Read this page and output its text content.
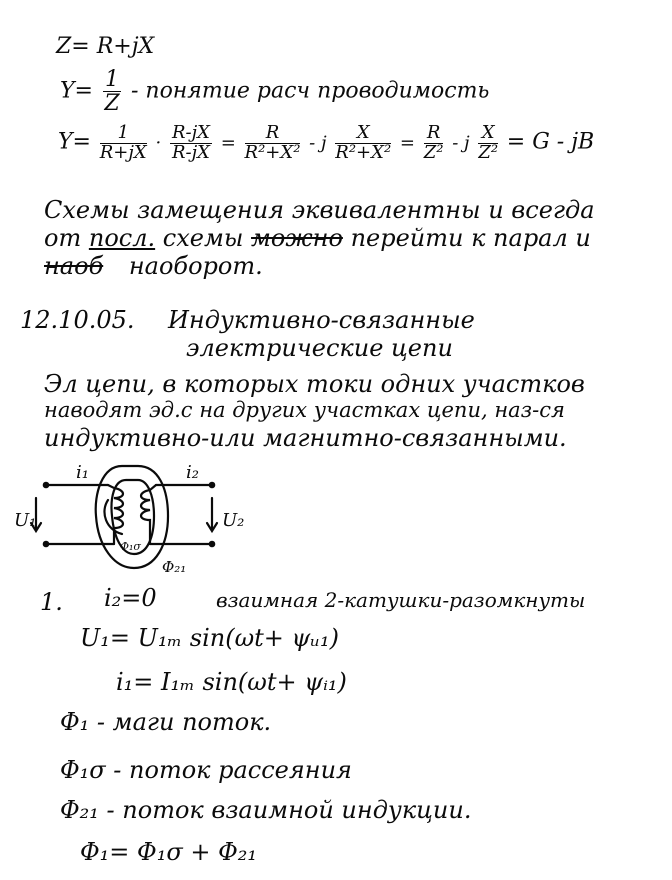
Z= R+jX
$Y= \frac{1}{Z}$ - понятие расч проводимость
$Y= \frac{1}{R+jX} \cdot \frac{R-jX}{R-jX} = \frac{R}{\text{R²+X²}} - j \frac{X}{\text{R²+X²}} = \frac{R}{\text{Z²}} - j \frac{X}{\text{Z²}} = G$ - jB
Схемы замещения эквивалентны и всегда
от посл. схемы можно перейти к парал и
наоб наоборот.
12.10.05. Индуктивно-связанные
электрические цепи
Эл цепи, в которых токи одних участков
наводят эд.с на других участках цепи, наз-ся
индуктивно-или магнитно-связанными.
i₁	i₂
U₁	U₂
Φ₁σ
Φ₂₁
1. i₂=0	взаимная 2-катушки-разомкнуты
U₁= U₁ₘ sin(ωt+ ψᵤ₁)
i₁= I₁ₘ sin(ωt+ ψᵢ₁)
Φ₁ - маги поток.
Φ₁σ - поток рассеяния
Φ₂₁ - поток взаимной индукции.
Φ₁= Φ₁σ + Φ₂₁
